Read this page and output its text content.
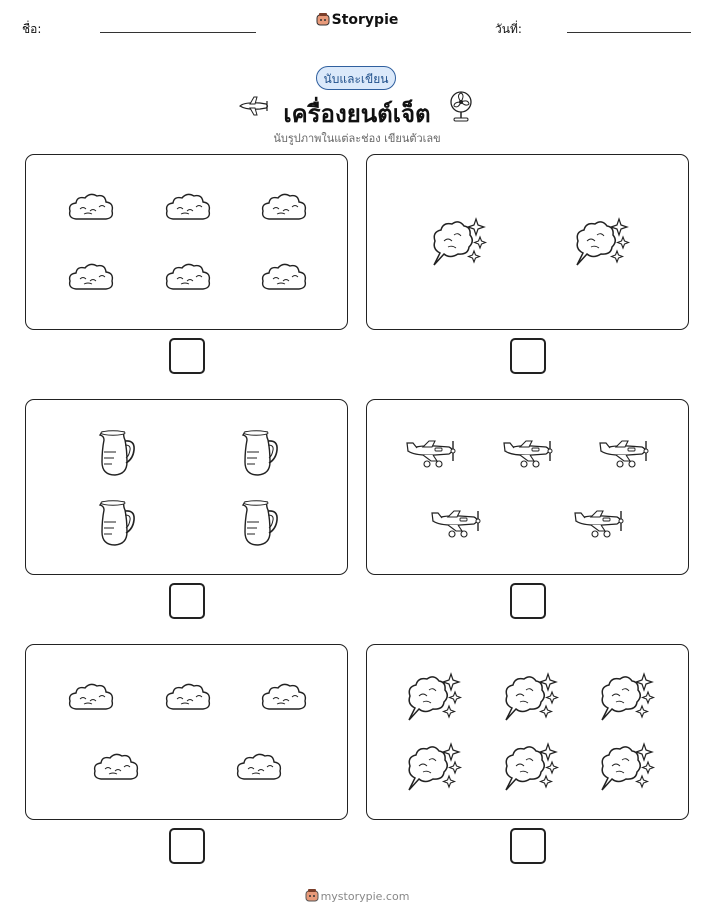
ชื่อ:
Storypie
วันที่:
นับและเขียน
เครื่องยนต์เจ็ต
นับรูปภาพในแต่ละช่อง เขียนตัวเลข
mystorypie.com
